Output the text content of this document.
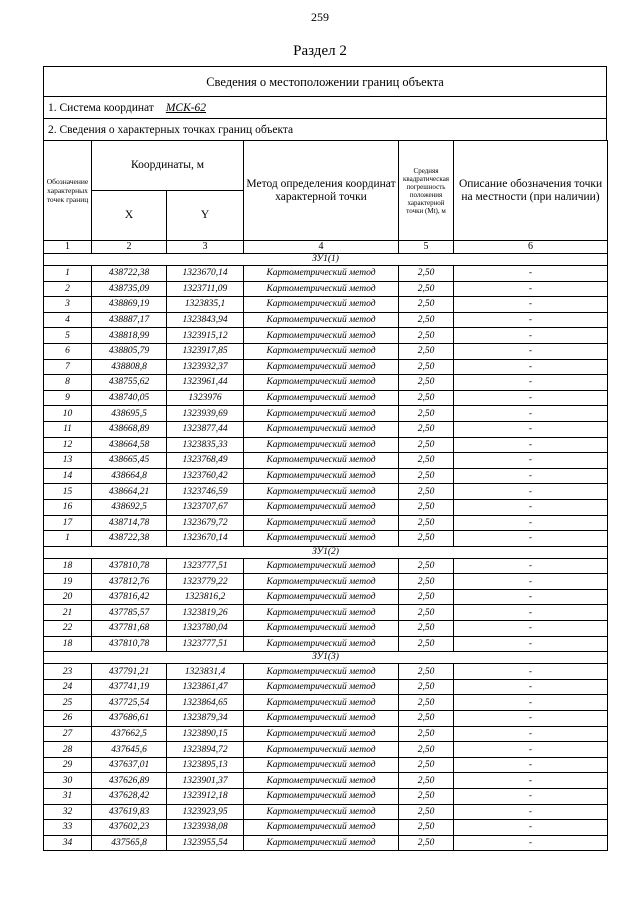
259
Раздел 2
Сведения о местоположении границ объекта
1. Система координат МСК-62
2. Сведения о характерных точках границ объекта
Обозначение характерных точек границ	Координаты, м		Метод определения координат характерной точки	Средняя квадратическая погрешность положения характерной точки (Mt), м	Описание обозначения точки на местности (при наличии)
	X	Y			
1	2	3	4	5	6
ЗУ1(1)					
1	438722,38	1323670,14	Картометрический метод	2,50	-
2	438735,09	1323711,09	Картометрический метод	2,50	-
3	438869,19	1323835,1	Картометрический метод	2,50	-
4	438887,17	1323843,94	Картометрический метод	2,50	-
5	438818,99	1323915,12	Картометрический метод	2,50	-
6	438805,79	1323917,85	Картометрический метод	2,50	-
7	438808,8	1323932,37	Картометрический метод	2,50	-
8	438755,62	1323961,44	Картометрический метод	2,50	-
9	438740,05	1323976	Картометрический метод	2,50	-
10	438695,5	1323939,69	Картометрический метод	2,50	-
11	438668,89	1323877,44	Картометрический метод	2,50	-
12	438664,58	1323835,33	Картометрический метод	2,50	-
13	438665,45	1323768,49	Картометрический метод	2,50	-
14	438664,8	1323760,42	Картометрический метод	2,50	-
15	438664,21	1323746,59	Картометрический метод	2,50	-
16	438692,5	1323707,67	Картометрический метод	2,50	-
17	438714,78	1323679,72	Картометрический метод	2,50	-
1	438722,38	1323670,14	Картометрический метод	2,50	-
ЗУ1(2)					
18	437810,78	1323777,51	Картометрический метод	2,50	-
19	437812,76	1323779,22	Картометрический метод	2,50	-
20	437816,42	1323816,2	Картометрический метод	2,50	-
21	437785,57	1323819,26	Картометрический метод	2,50	-
22	437781,68	1323780,04	Картометрический метод	2,50	-
18	437810,78	1323777,51	Картометрический метод	2,50	-
ЗУ1(3)					
23	437791,21	1323831,4	Картометрический метод	2,50	-
24	437741,19	1323861,47	Картометрический метод	2,50	-
25	437725,54	1323864,65	Картометрический метод	2,50	-
26	437686,61	1323879,34	Картометрический метод	2,50	-
27	437662,5	1323890,15	Картометрический метод	2,50	-
28	437645,6	1323894,72	Картометрический метод	2,50	-
29	437637,01	1323895,13	Картометрический метод	2,50	-
30	437626,89	1323901,37	Картометрический метод	2,50	-
31	437628,42	1323912,18	Картометрический метод	2,50	-
32	437619,83	1323923,95	Картометрический метод	2,50	-
33	437602,23	1323938,08	Картометрический метод	2,50	-
34	437565,8	1323955,54	Картометрический метод	2,50	-
